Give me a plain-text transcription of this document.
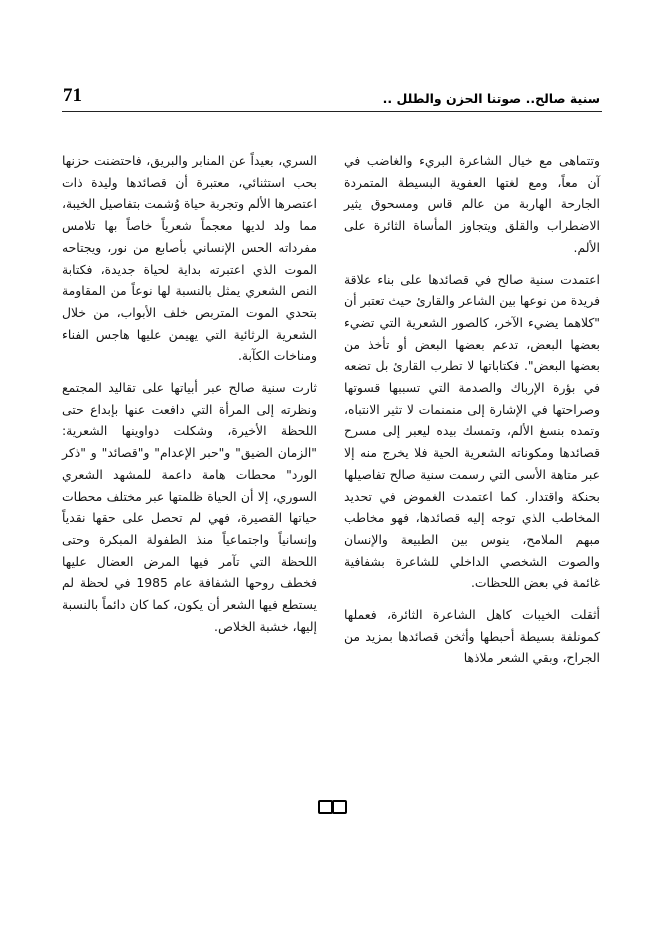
71	سنية صالح.. صوتنا الحزن والطلل ..

وتتماهى مع خيال الشاعرة البريء والغاضب في آن معاً، ومع لغتها العفوية البسيطة المتمردة الجارحة الهاربة من عالم قاس ومسحوق يثير الاضطراب والقلق ويتجاوز المأساة الثائرة على الألم.

اعتمدت سنية صالح في قصائدها على بناء علاقة فريدة من نوعها بين الشاعر والقارئ حيث تعتبر أن "كلاهما يضيء الآخر، كالصور الشعرية التي تضيء بعضها البعض، تدعم بعضها البعض أو تأخذ من بعضها البعض". فكتاباتها لا تطرب القارئ بل تضعه في بؤرة الإرباك والصدمة التي تسببها قسوتها وصراحتها في الإشارة إلى منمنمات لا تثير الانتباه، وتمده بنسغ الألم، وتمسك بيده ليعبر إلى مسرح قصائدها ومكوناته الشعرية الحية فلا يخرج منه إلا عبر متاهة الأسى التي رسمت سنية صالح تفاصيلها بحنكة واقتدار. كما اعتمدت الغموض في تحديد المخاطب الذي توجه إليه قصائدها، فهو مخاطب مبهم الملامح، ينوس بين الطبيعة والإنسان والصوت الشخصي الداخلي للشاعرة بشفافية غائمة في بعض اللحظات.

أثقلت الخيبات كاهل الشاعرة الثائرة، فعملها كمونلفة بسيطة أحبطها وأثخن قصائدها بمزيد من الجراح، وبقي الشعر ملاذها

السري، بعيداً عن المنابر والبريق، فاحتضنت حزنها بحب استثنائي، معتبرة أن قصائدها وليدة ذات اعتصرها الألم وتجربة حياة وُشمت بتفاصيل الخيبة، مما ولد لديها معجماً شعرياً خاصاً بها تلامس مفرداته الحس الإنساني بأصابع من نور، ويجتاحه الموت الذي اعتبرته بداية لحياة جديدة، فكتابة النص الشعري يمثل بالنسبة لها نوعاً من المقاومة بتحدي الموت المتربص خلف الأبواب، من خلال الشعرية الرثائية التي يهيمن عليها هاجس الفناء ومناخات الكآبة.

ثارت سنية صالح عبر أبياتها على تقاليد المجتمع ونظرته إلى المرأة التي دافعت عنها بإبداع حتى اللحظة الأخيرة، وشكلت دواوينها الشعرية: "الزمان الضيق" و"حبر الإعدام" و"قصائد" و "ذكر الورد" محطات هامة داعمة للمشهد الشعري السوري، إلا أن الحياة ظلمتها عبر مختلف محطات حياتها القصيرة، فهي لم تحصل على حقها نقدياً وإنسانياً واجتماعياً منذ الطفولة المبكرة وحتى اللحظة التي تآمر فيها المرض العضال عليها فخطف روحها الشفافة عام 1985 في لحظة لم يستطع فيها الشعر أن يكون، كما كان دائماً بالنسبة إليها، خشبة الخلاص.
